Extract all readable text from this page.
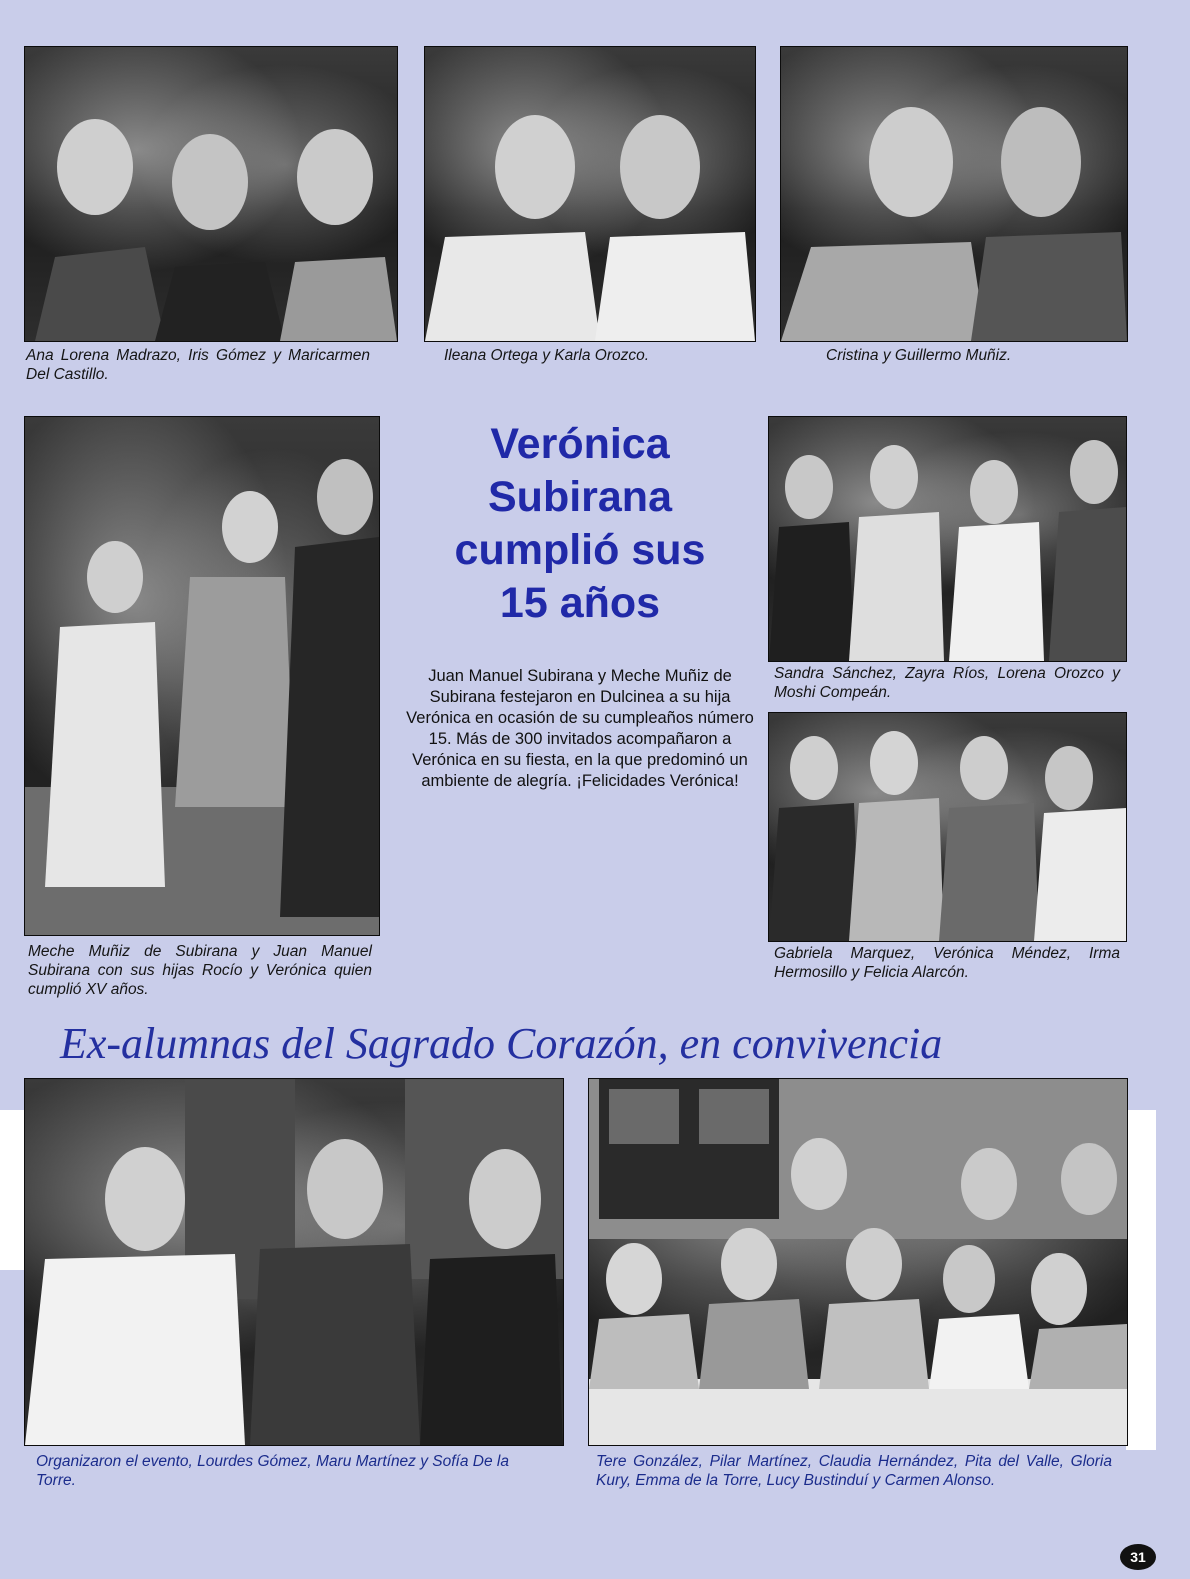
Ana Lorena Madrazo, Iris Gómez y Maricarmen Del Castillo.
Ileana Ortega y Karla Orozco.	Cristina y Guillermo Muñiz.
Meche Muñiz de Subirana y Juan Manuel Subirana con sus hijas Rocío y Verónica quien cumplió XV años.
Verónica
Subirana
cumplió sus
15 años
Juan Manuel Subirana y Meche Muñiz de Subirana festejaron en Dulcinea a su hija Verónica en ocasión de su cumpleaños número 15. Más de 300 invitados acompañaron a Verónica en su fiesta, en la que predominó un ambiente de alegría. ¡Felicidades Verónica!
Sandra Sánchez, Zayra Ríos, Lorena Orozco y Moshi Compeán.
Gabriela Marquez, Verónica Méndez, Irma Hermosillo y Felicia Alarcón.
Ex-alumnas del Sagrado Corazón, en convivencia
Organizaron el evento, Lourdes Gómez, Maru Martínez y Sofía De la Torre.
Tere González, Pilar Martínez, Claudia Hernández, Pita del Valle, Gloria Kury, Emma de la Torre, Lucy Bustinduí y Carmen Alonso.
31
